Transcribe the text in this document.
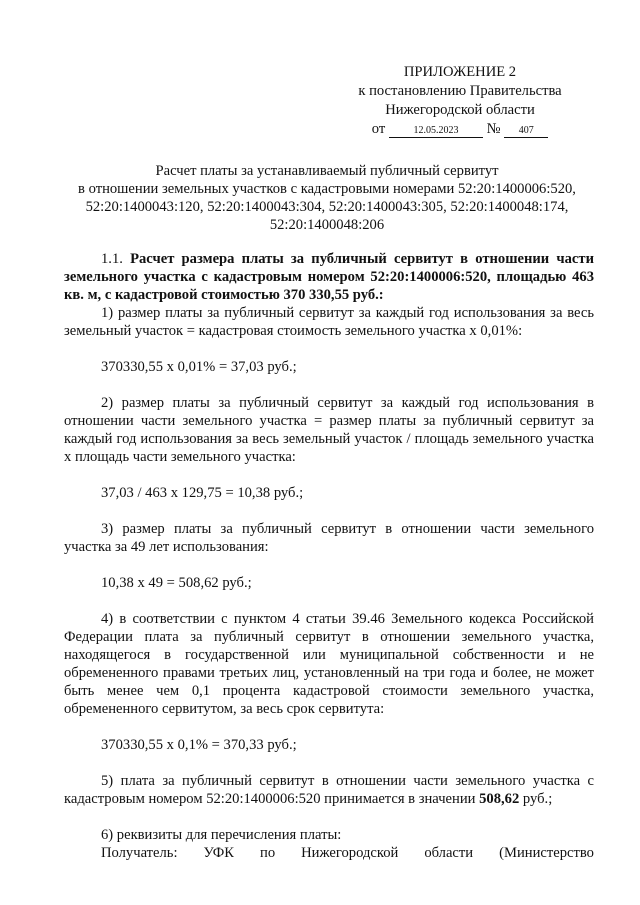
ПРИЛОЖЕНИЕ 2
к постановлению Правительства
Нижегородской области
от	12.05.2023 № 407
Расчет платы за устанавливаемый публичный сервитут
в отношении земельных участков с кадастровыми номерами 52:20:1400006:520,
52:20:1400043:120, 52:20:1400043:304, 52:20:1400043:305, 52:20:1400048:174,
52:20:1400048:206

1.1. Расчет размера платы за публичный сервитут в отношении части земельного участка с кадастровым номером 52:20:1400006:520, площадью 463 кв. м, с кадастровой стоимостью 370 330,55 руб.:

1) размер платы за публичный сервитут за каждый год использования за весь земельный участок = кадастровая стоимость земельного участка х 0,01%:

370330,55 х 0,01% = 37,03 руб.;

2) размер платы за публичный сервитут за каждый год использования в отношении части земельного участка = размер платы за публичный сервитут за каждый год использования за весь земельный участок / площадь земельного участка х площадь части земельного участка:

37,03 / 463 х 129,75 = 10,38 руб.;

3) размер платы за публичный сервитут в отношении части земельного участка за 49 лет использования:

10,38 х 49 = 508,62 руб.;

4) в соответствии с пунктом 4 статьи 39.46 Земельного кодекса Российской Федерации плата за публичный сервитут в отношении земельного участка, находящегося в государственной или муниципальной собственности и не обремененного правами третьих лиц, установленный на три года и более, не может быть менее чем 0,1 процента кадастровой стоимости земельного участка, обремененного сервитутом, за весь срок сервитута:

370330,55 х 0,1% = 370,33 руб.;

5) плата за публичный сервитут в отношении части земельного участка с кадастровым номером 52:20:1400006:520 принимается в значении 508,62 руб.;

6) реквизиты для перечисления платы:

Получатель: УФК по Нижегородской области (Министерство
